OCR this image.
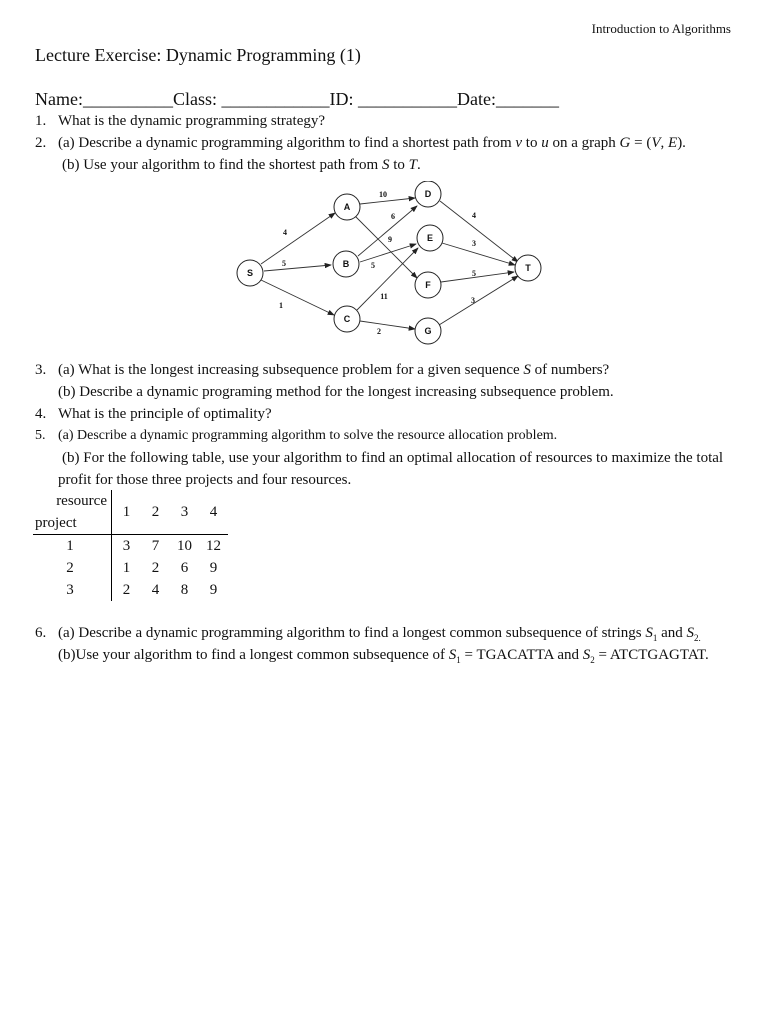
Introduction to Algorithms
Lecture Exercise: Dynamic Programming (1)
Name:__________Class: ____________ID: ___________Date:_______
1. What is the dynamic programming strategy?
2. (a) Describe a dynamic programming algorithm to find a shortest path from v to u on a graph G = (V, E).
(b) Use your algorithm to find the shortest path from S to T.
S
A
B
C
D
E
F
G
T
4
5
1
10
6
9
5
11
2
4
3
5
3
3. (a) What is the longest increasing subsequence problem for a given sequence S of numbers?
(b) Describe a dynamic programing method for the longest increasing subsequence problem.
4. What is the principle of optimality?
5. (a) Describe a dynamic programming algorithm to solve the resource allocation problem.
(b) For the following table, use your algorithm to find an optimal allocation of resources to maximize the total
profit for those three projects and four resources.
resource	1	2	3	4
project				
1	3	7	10	12
2	1	2	6	9
3	2	4	8	9
6. (a) Describe a dynamic programming algorithm to find a longest common subsequence of strings $S_1$ and $S_{2.}$
(b)Use your algorithm to find a longest common subsequence of $S_1$ = TGACATTA and $S_2$ = ATCTGAGTAT.
